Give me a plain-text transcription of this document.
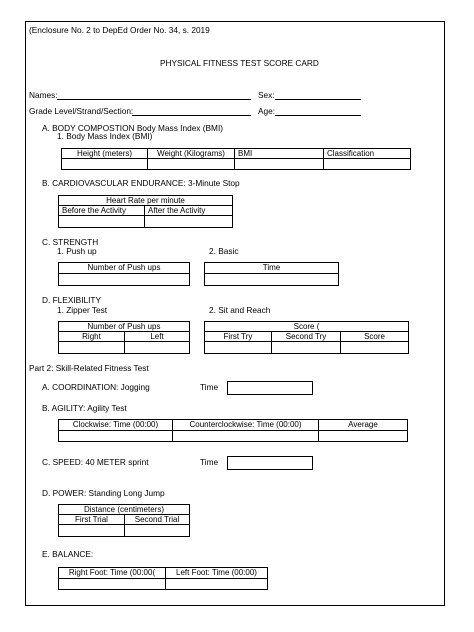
(Enclosure No. 2 to DepEd Order No. 34, s. 2019
PHYSICAL FITNESS TEST SCORE CARD
Names:	Sex:
Grade Level/Strand/Section:	Age:
A. BODY COMPOSTION Body Mass Index (BMI)
1. Body Mass Index (BMI)
Height (meters)	Weight (Kilograms)	BMI	Classification

B. CARDIOVASCULAR ENDURANCE: 3-Minute Stop
Heart Rate per minute	
Before the Activity	After the Activity

C. STRENGTH
1. Push up	2. Basic
Number of Push ups	Time

D. FLEXIBILITY
1. Zipper Test	2. Sit and Reach
Number of Push ups	
Right	Left

Score (		
First Try	Second Try	Score

Part 2: Skill-Related Fitness Test
A. COORDINATION: Jogging	Time
B. AGILITY: Agility Test
Clockwise: Time (00:00)	Counterclockwise: Time (00:00)	Average

C. SPEED: 40 METER sprint	Time
D. POWER: Standing Long Jump
Distance (centimeters)	
First Trial	Second Trial

E. BALANCE:
Right Foot: Time (00:00(	Left Foot: Time (00:00)
